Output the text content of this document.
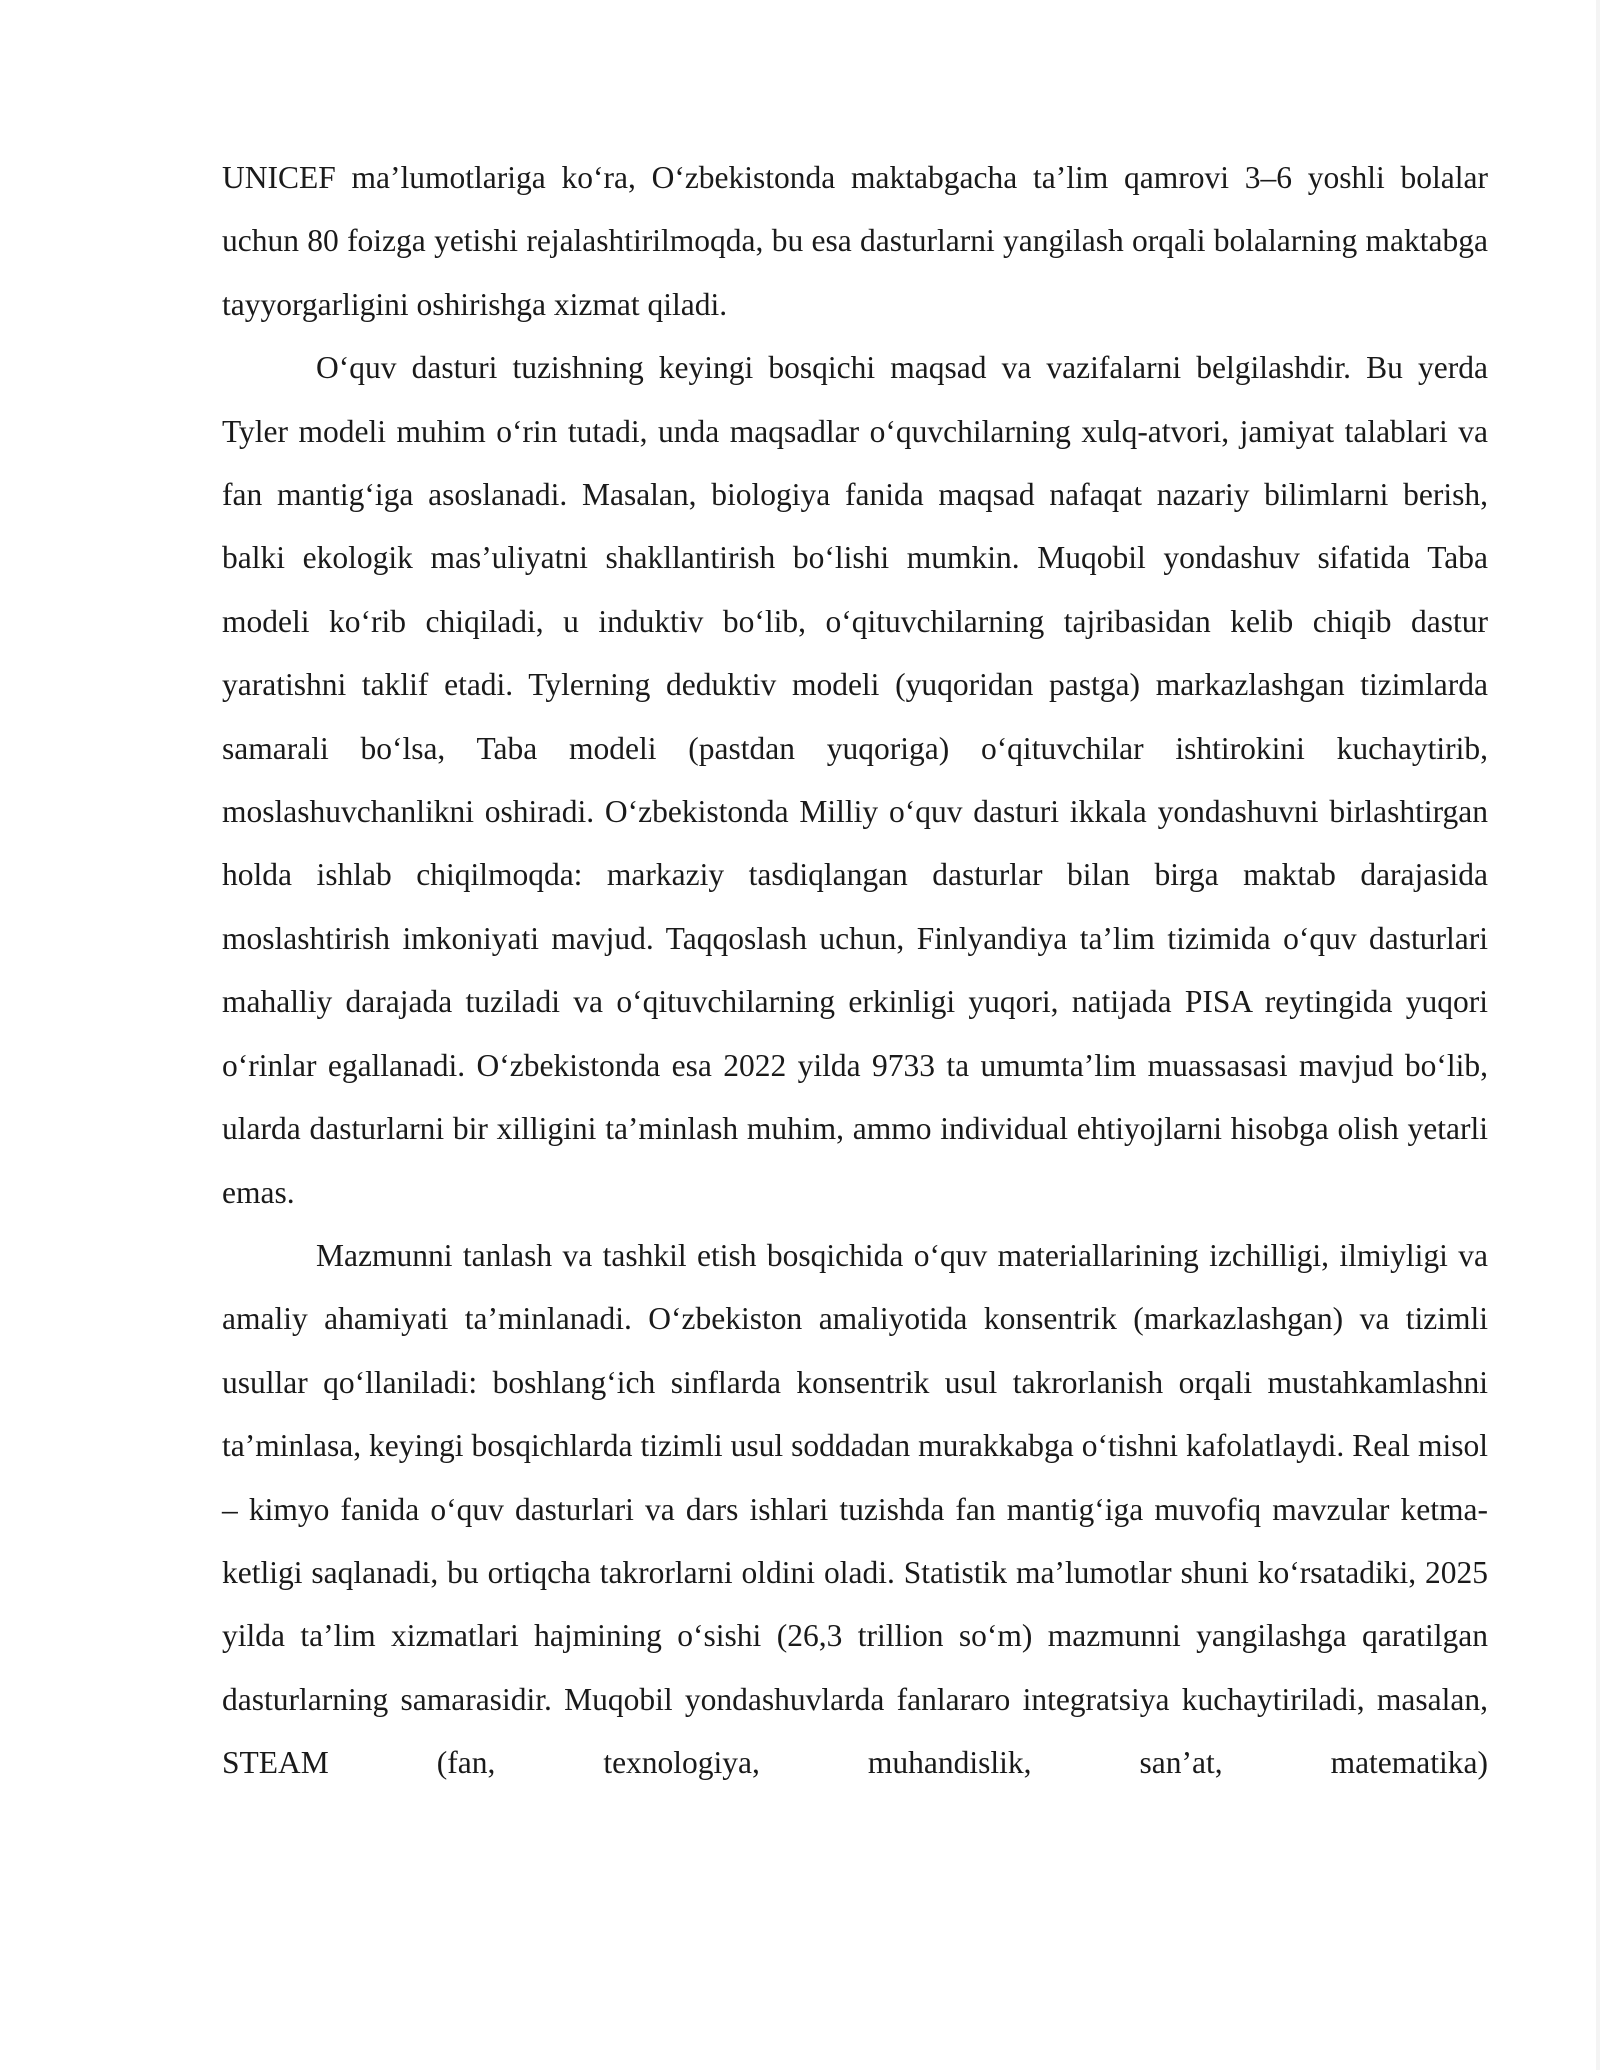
UNICEF ma’lumotlariga ko‘ra, O‘zbekistonda maktabgacha ta’lim qamrovi 3–6 yoshli bolalar uchun 80 foizga yetishi rejalashtirilmoqda, bu esa dasturlarni yangilash orqali bolalarning maktabga tayyorgarligini oshirishga xizmat qiladi.

O‘quv dasturi tuzishning keyingi bosqichi maqsad va vazifalarni belgilashdir. Bu yerda Tyler modeli muhim o‘rin tutadi, unda maqsadlar o‘quvchilarning xulq-atvori, jamiyat talablari va fan mantig‘iga asoslanadi. Masalan, biologiya fanida maqsad nafaqat nazariy bilimlarni berish, balki ekologik mas’uliyatni shakllantirish bo‘lishi mumkin. Muqobil yondashuv sifatida Taba modeli ko‘rib chiqiladi, u induktiv bo‘lib, o‘qituvchilarning tajribasidan kelib chiqib dastur yaratishni taklif etadi. Tylerning deduktiv modeli (yuqoridan pastga) markazlashgan tizimlarda samarali bo‘lsa, Taba modeli (pastdan yuqoriga) o‘qituvchilar ishtirokini kuchaytirib, moslashuvchanlikni oshiradi. O‘zbekistonda Milliy o‘quv dasturi ikkala yondashuvni birlashtirgan holda ishlab chiqilmoqda: markaziy tasdiqlangan dasturlar bilan birga maktab darajasida moslashtirish imkoniyati mavjud. Taqqoslash uchun, Finlyandiya ta’lim tizimida o‘quv dasturlari mahalliy darajada tuziladi va o‘qituvchilarning erkinligi yuqori, natijada PISA reytingida yuqori o‘rinlar egallanadi. O‘zbekistonda esa 2022 yilda 9733 ta umumta’lim muassasasi mavjud bo‘lib, ularda dasturlarni bir xilligini ta’minlash muhim, ammo individual ehtiyojlarni hisobga olish yetarli emas.

Mazmunni tanlash va tashkil etish bosqichida o‘quv materiallarining izchilligi, ilmiyligi va amaliy ahamiyati ta’minlanadi. O‘zbekiston amaliyotida konsentrik (markazlashgan) va tizimli usullar qo‘llaniladi: boshlang‘ich sinflarda konsentrik usul takrorlanish orqali mustahkamlashni ta’minlasa, keyingi bosqichlarda tizimli usul soddadan murakkabga o‘tishni kafolatlaydi. Real misol – kimyo fanida o‘quv dasturlari va dars ishlari tuzishda fan mantig‘iga muvofiq mavzular ketma-ketligi saqlanadi, bu ortiqcha takrorlarni oldini oladi. Statistik ma’lumotlar shuni ko‘rsatadiki, 2025 yilda ta’lim xizmatlari hajmining o‘sishi (26,3 trillion so‘m) mazmunni yangilashga qaratilgan dasturlarning samarasidir. Muqobil yondashuvlarda fanlararo integratsiya kuchaytiriladi, masalan, STEAM (fan, texnologiya, muhandislik, san’at, matematika)
